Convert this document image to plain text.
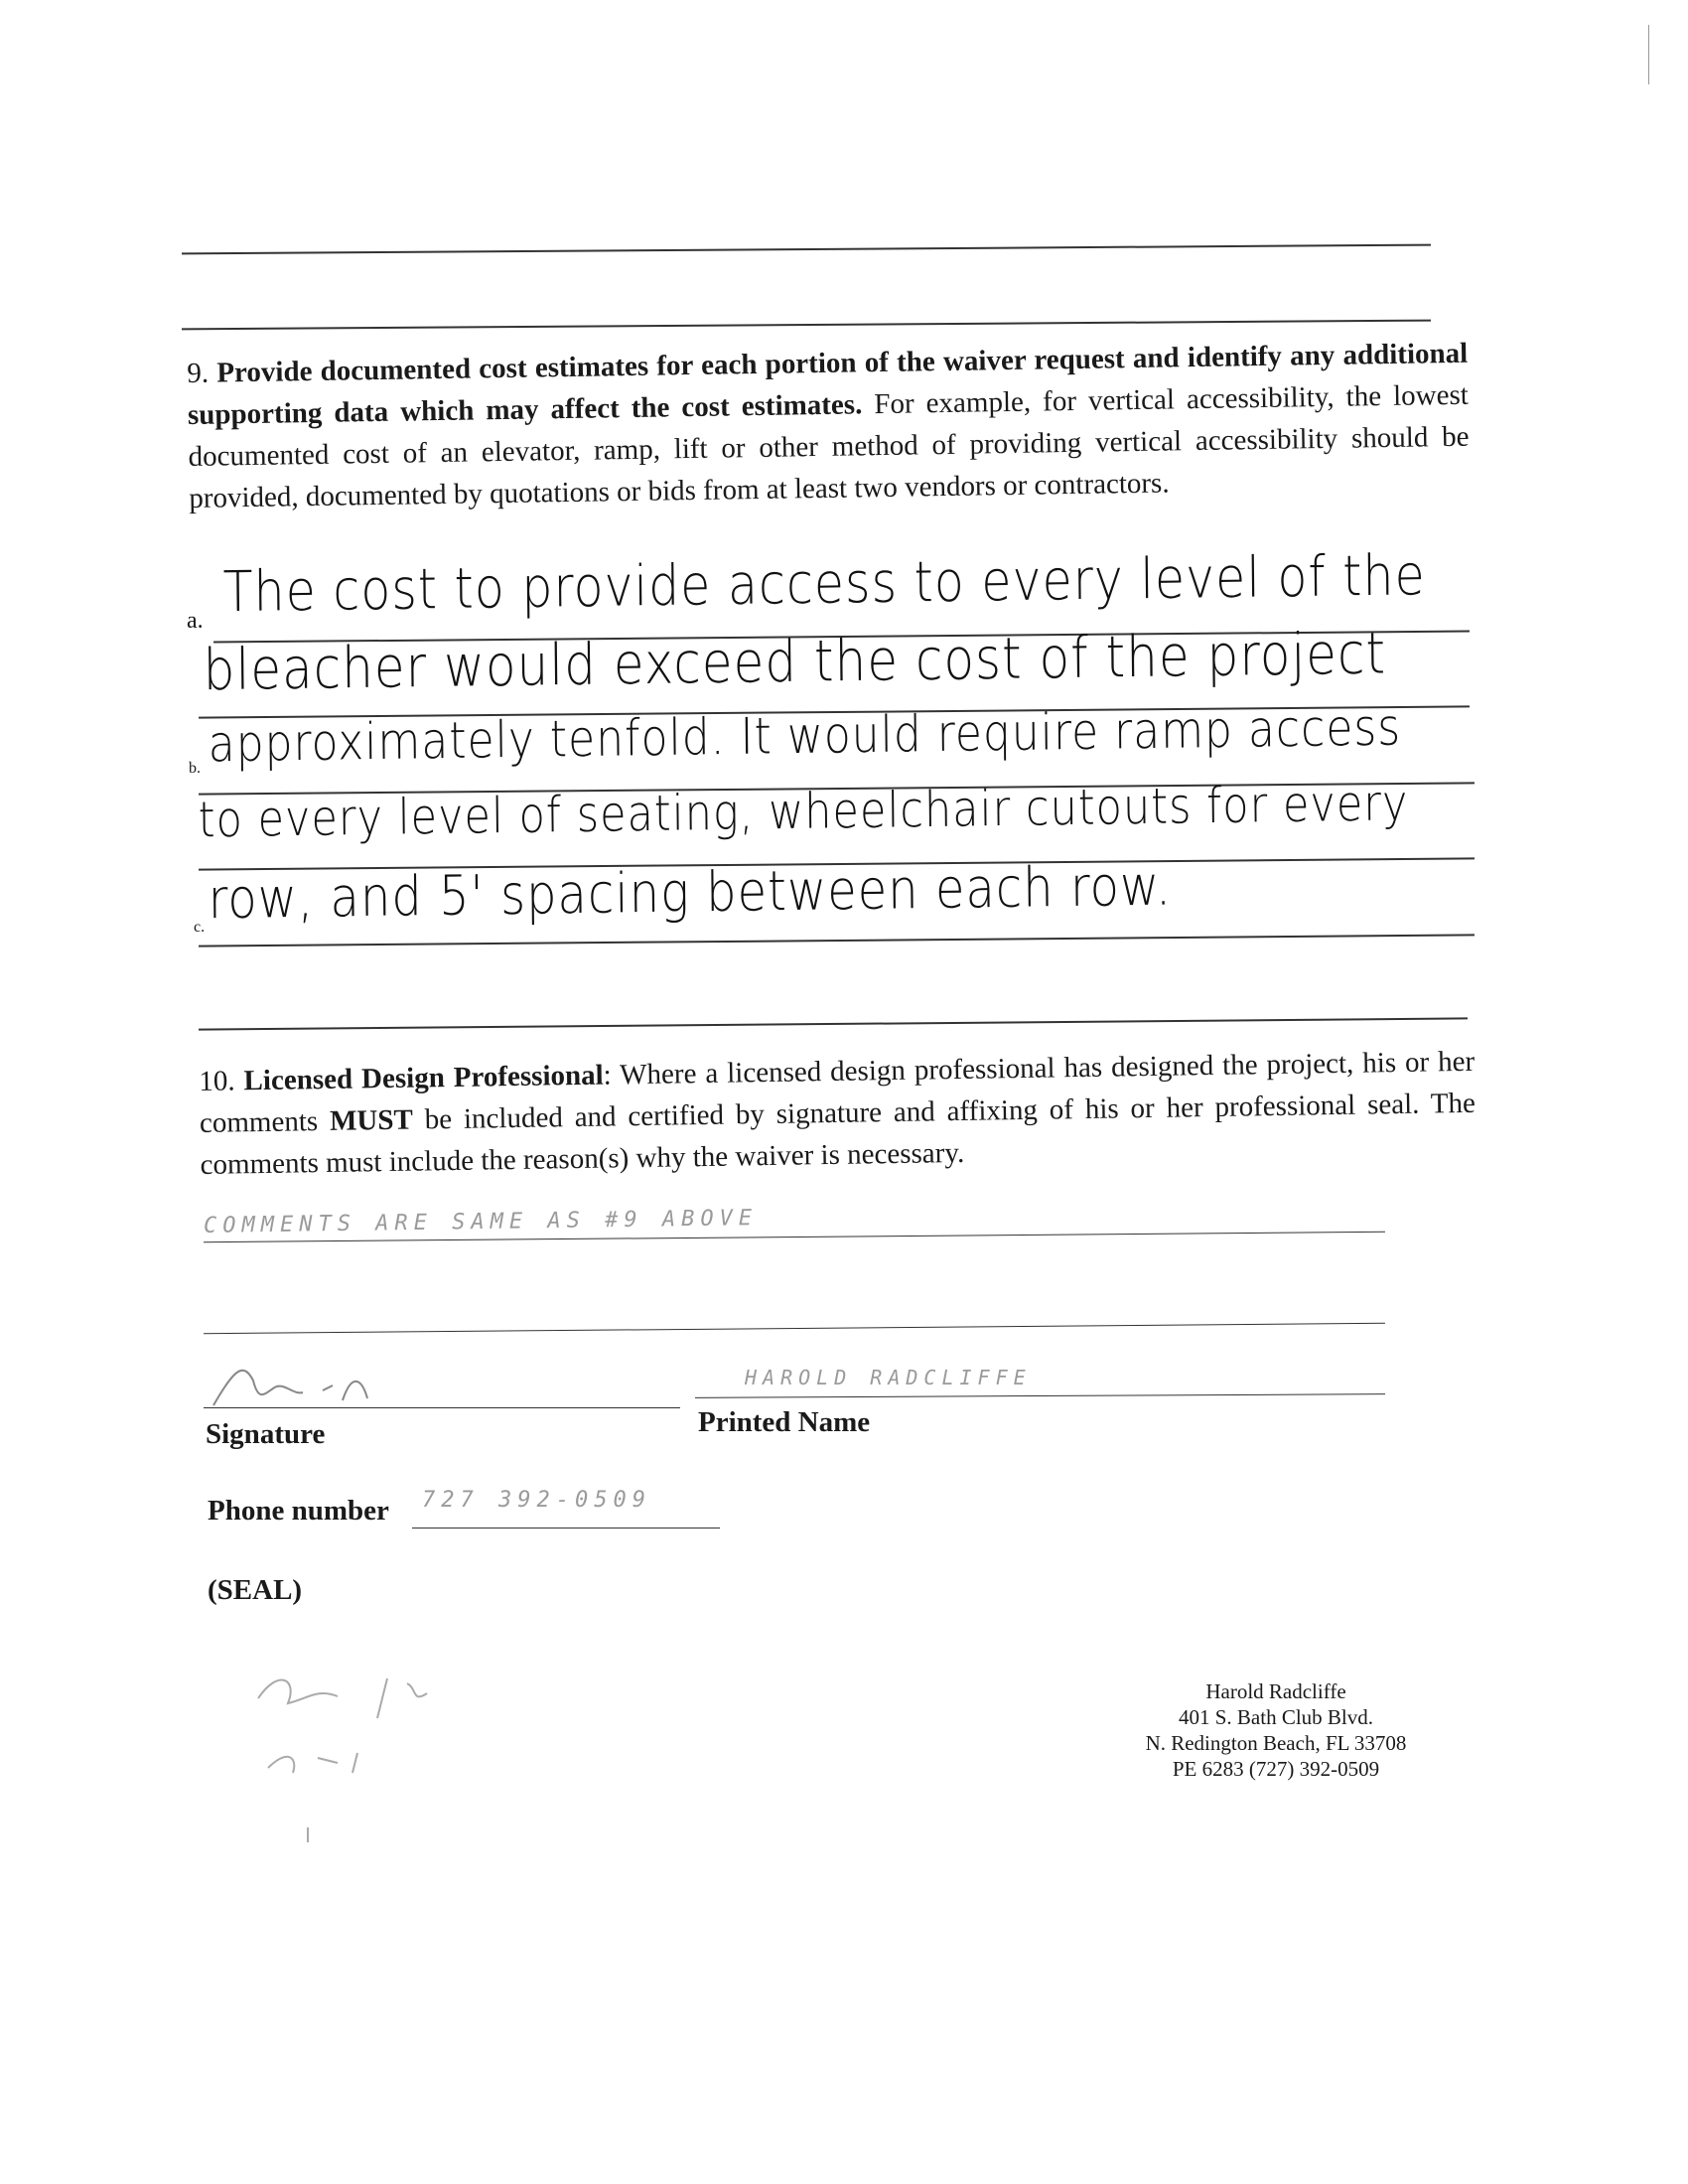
9. Provide documented cost estimates for each portion of the waiver request and identify any additional supporting data which may affect the cost estimates. For example, for vertical accessibility, the lowest documented cost of an elevator, ramp, lift or other method of providing vertical accessibility should be provided, documented by quotations or bids from at least two vendors or contractors.
a.
b.
c.
The cost to provide access to every level of the
bleacher would exceed the cost of the project
approximately tenfold. It would require ramp access
to every level of seating, wheelchair cutouts for every
row, and 5' spacing between each row.
10. Licensed Design Professional: Where a licensed design professional has designed the project, his or her comments MUST be included and certified by signature and affixing of his or her professional seal. The comments must include the reason(s) why the waiver is necessary.
COMMENTS ARE SAME AS #9 ABOVE
Signature
HAROLD RADCLIFFE
Printed Name
Phone number 727 392-0509
(SEAL)
Harold Radcliffe
401 S. Bath Club Blvd.
N. Redington Beach, FL 33708
PE 6283 (727) 392-0509
